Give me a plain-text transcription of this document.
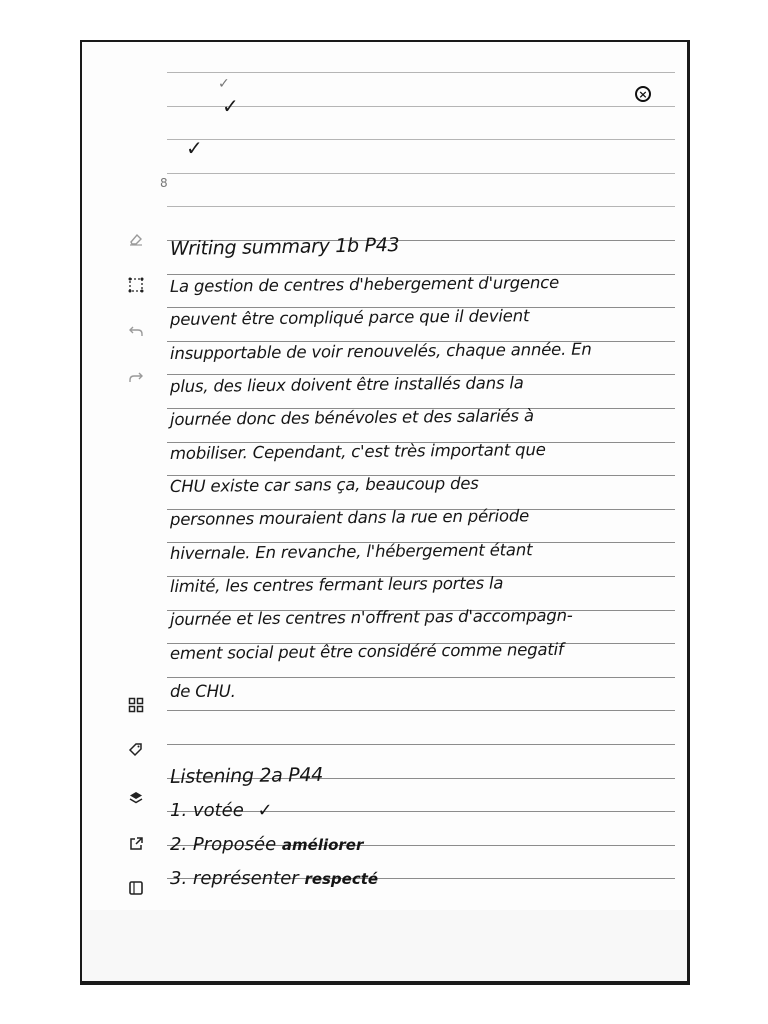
×
✓
✓
✓
8
Writing summary 1b P43
La gestion de centres d'hebergement d'urgence
peuvent être compliqué parce que il devient
insupportable de voir renouvelés, chaque année. En
plus, des lieux doivent être installés dans la
journée donc des bénévoles et des salariés à
mobiliser. Cependant, c'est très important que
CHU existe car sans ça, beaucoup des
personnes mouraient dans la rue en période
hivernale. En revanche, l'hébergement étant
limité, les centres fermant leurs portes la
journée et les centres n'offrent pas d'accompagn-
ement social peut être considéré comme negatif
de CHU.
Listening 2a P44
1. votée ✓
2. Proposée améliorer
3. représenter respecté
